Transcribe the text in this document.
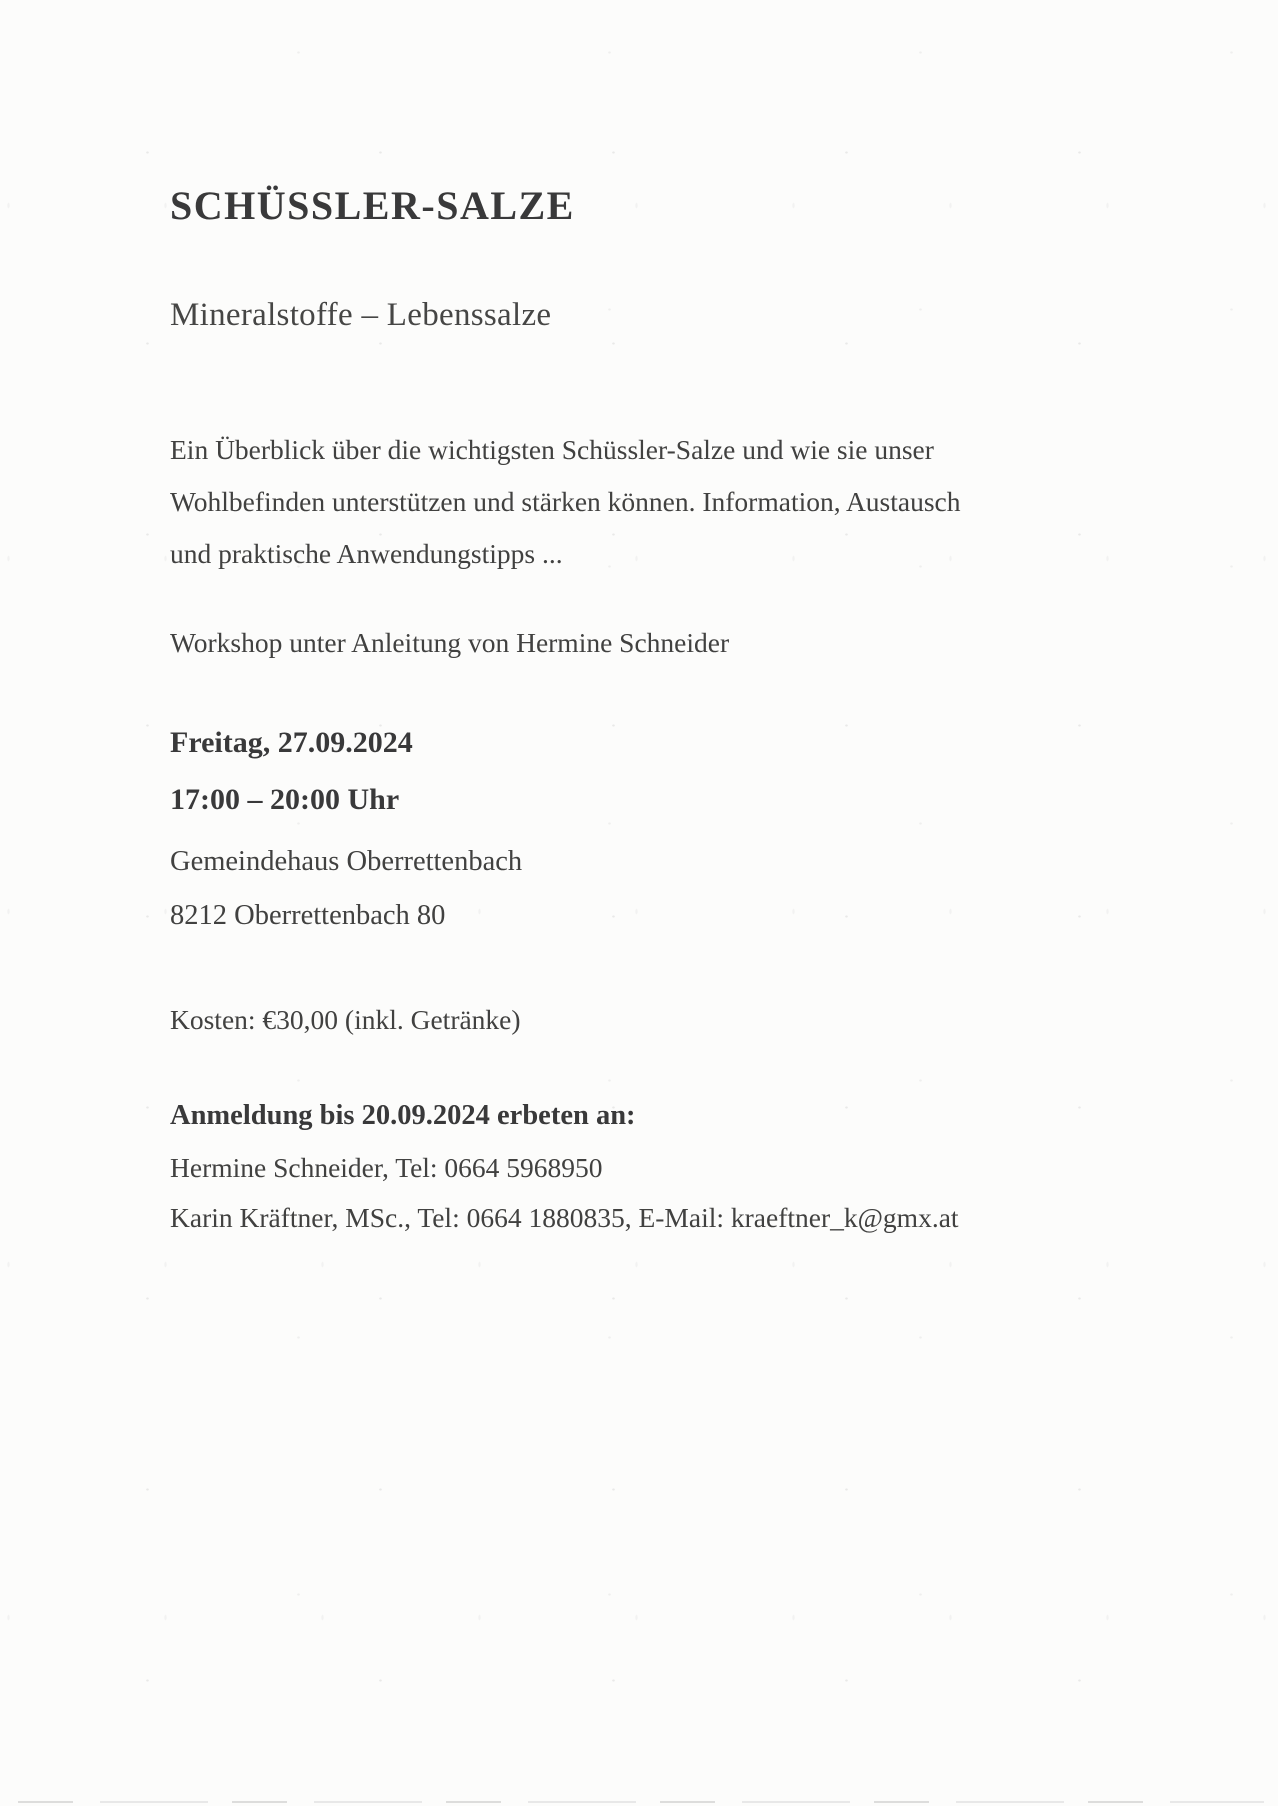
SCHÜSSLER-SALZE
Mineralstoffe – Lebenssalze
Ein Überblick über die wichtigsten Schüssler-Salze und wie sie unser
Wohlbefinden unterstützen und stärken können. Information, Austausch
und praktische Anwendungstipps ...
Workshop unter Anleitung von Hermine Schneider
Freitag, 27.09.2024
17:00 – 20:00 Uhr
Gemeindehaus Oberrettenbach
8212 Oberrettenbach 80
Kosten: €30,00 (inkl. Getränke)
Anmeldung bis 20.09.2024 erbeten an:
Hermine Schneider, Tel: 0664 5968950
Karin Kräftner, MSc., Tel: 0664 1880835, E-Mail: kraeftner_k@gmx.at
